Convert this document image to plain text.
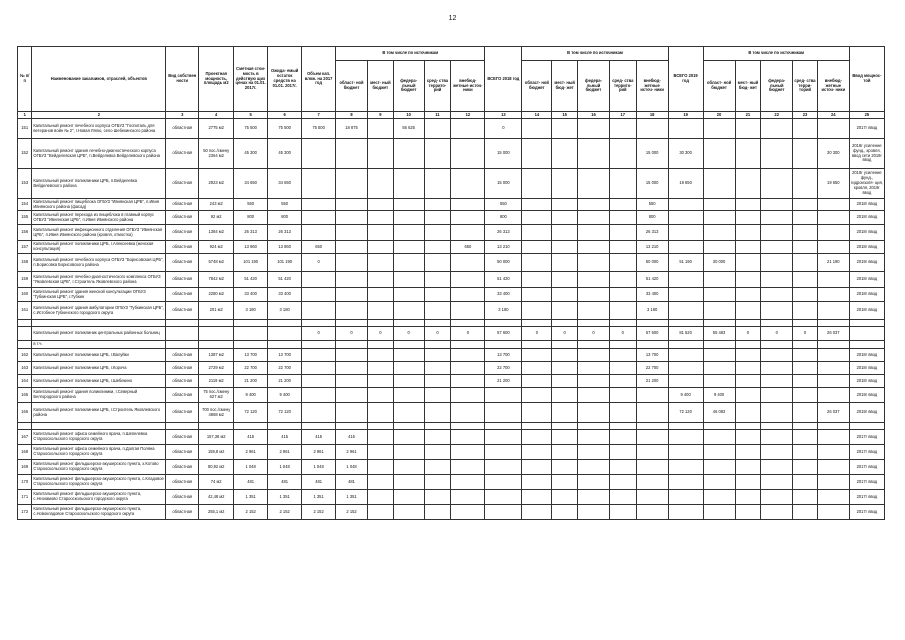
12
№ п/п	Наименование заказчиков, отраслей, объектов	Вид собствен ности	Проектная мощность, площадь м2	Сметная стои- мость в действую щих ценах на 01.01. 2017г.	Ожида- емый остаток средств на 01.01. 2017г.	Объем кап. влож. на 2017 год	В том числе по источникам					ВСЕГО 2018 год	В том числе по источникам					ВСЕГО 2019 год	В том числе по источникам					Ввод мощнос- той
							област- ной бюджет	мест- ный бюджет	федера- льный бюджет	сред- ства террито- рий	внебюд- жетные источ- ники		област- ной бюджет	мест- ный бюд- жет	федера- льный бюджет	сред- ства террито- рий	внебюд- жетные источ- ники		област- ной бюджет	мест- ный бюд- жет	федера- льный бюджет	сред- ства терри- торий	внебюд- жетные источ- ники	
1	2	3	4	5	6	7	8	9	10	11	12	13	14	15	16	17	18	19	20	21	22	23	24	25
151	Капитальный ремонт лечебного корпуса ОГБУЗ "Госпиталь для ветеранов войн № 2", г.Новая Лялю, село Шебекинского района	областная	2775 м2	75 500	75 500	75 500	18 875		56 625			0												2017г ввод
152	Капитальный ремонт здания лечебно-диагностического корпуса ОГБУЗ "Вейделевская ЦРБ", п.Вейделевка Вейделевского района	областная	50 пос./смену 2364 м2	45 300	45 300							15 000					15 000	30 300					30 300	2018г усиление фунд., кровля, ввод сети 2019г ввод
153	Капитальный ремонт поликлиники ЦРБ, п.Вейделевка Вейделевского района	областная	2923 м2	34 650	34 650							15 000					15 000	19 650					19 650	2018г усиление фунд., гидроизоля- ция, кровля, 2019г ввод
154	Капитальный ремонт пищеблока ОГБУЗ "Ивнянская ЦРБ", п.Ивня Ивнянского района (фасад)	областная	243 м2	550	550							550					550							2018г ввод
155	Капитальный ремонт перехода из пищеблока в главный корпус ОГБУЗ "Ивнянская ЦРБ", п.Ивня Ивнянского района	областная	92 м2	800	800							800					800							2018г ввод
156	Капитальный ремонт инфекционного отделения ОГБУЗ "Ивнянская ЦРБ", п.Ивня Ивнянского района (кровля, отмостка)	областная	1384 м2	26 313	26 313							26 313					26 313							2018г ввод
157	Капитальный ремонт поликлиники ЦРБ, г.Алексеевка (женская консультация)	областная	924 м2	13 860	13 860	650					650	13 210					13 210							2018г ввод
158	Капитальный ремонт лечебного корпуса ОГБУЗ "Борисовская ЦРБ", п.Борисовка Борисовского района	областная	5748 м2	101 190	101 190	0						50 000					50 000	51 190	30 000				21 190	2019г ввод
159	Капитальный ремонт лечебно-диагностического комплекса ОГБУЗ "Яковлевская ЦРБ", г.Строитель Яковлевского района	областная	7842 м2	51 420	51 420							51 420					51 420							2018г ввод
160	Капитальный ремонт здания женской консультации ОГБУЗ "Губкинская ЦРБ", г.Губкин	областная	2280 м2	33 400	33 400							33 400					33 400							2018г ввод
161	Капитальный ремонт здания амбулатории ОГБУЗ "Губкинская ЦРБ", с.Истобное Губкинского городского округа	областная	201 м2	3 180	3 180							3 180					3 180							2018г ввод

	Капитальный ремонт поликлиник центральных районных больниц					0	0	0	0	0	0	57 600	0	0	0	0	57 600	81 520	55 483	0	0	0	26 037	
	в т.ч.																							
162	Капитальный ремонт поликлиники ЦРБ, г.Валуйки	областная	1387 м2	13 700	13 700							13 700					13 700							2018г ввод
163	Капитальный ремонт поликлиники ЦРБ, г.Короча	областная	2729 м2	22 700	22 700							22 700					22 700							2018г ввод
164	Капитальный ремонт поликлиники ЦРБ, г.Шебекино	областная	2119 м2	21 200	21 200							21 200					21 200							2018г ввод
165	Капитальный ремонт здания поликлиники, г.Северный Белгородского района	областная	75 пос./смену 627 м2	9 400	9 400													9 400	9 400					2019г ввод
166	Капитальный ремонт поликлиники ЦРБ, г.Строитель Яковлевского района	областная	700 пос./смену 4868 м2	72 120	72 120													72 120	46 083				26 037	2019г ввод

167	Капитальный ремонт офиса семейного врача, п.Шепелевка Старооскольского городского округа	областная	157,38 м2	415	415	415	415																	2017г ввод
168	Капитальный ремонт офиса семейного врача, п.Долгая Поляна Старооскольского городского округа	областная	159,8 м2	2 961	2 961	2 961	2 961																	2017г ввод
169	Капитальный ремонт фельдшерско-акушерского пункта, х.Котово Старооскольского городского округа	областная	80,92 м2	1 048	1 048	1 048	1 048																	2017г ввод
170	Капитальный ремонт фельдшерско-акушерского пункта, с.Кладовое Старооскольского городского округа	областная	74 м2	481	481	481	481																	2017г ввод
171	Капитальный ремонт фельдшерско-акушерского пункта, с.Незнамово Старооскольского городского округа	областная	42,48 м2	1 351	1 351	1 351	1 351																	2017г ввод
172	Капитальный ремонт фельдшерско-акушерского пункта, с.Новокладовое Старооскольского городского округа	областная	255,1 м2	2 152	2 152	2 152	2 152																	2017г ввод
